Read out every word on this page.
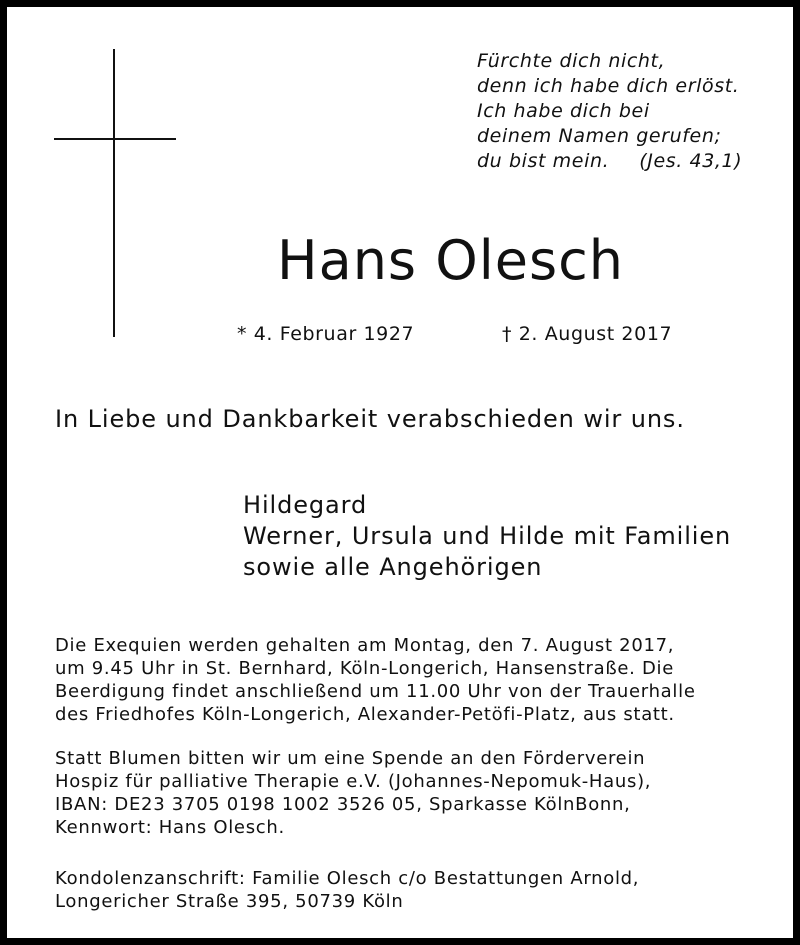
Fürchte dich nicht,
denn ich habe dich erlöst.
Ich habe dich bei
deinem Namen gerufen;
du bist mein. (Jes. 43,1)
Hans Olesch
* 4. Februar 1927	† 2. August 2017
In Liebe und Dankbarkeit verabschieden wir uns.
Hildegard
Werner, Ursula und Hilde mit Familien
sowie alle Angehörigen
Die Exequien werden gehalten am Montag, den 7. August 2017,
um 9.45 Uhr in St. Bernhard, Köln-Longerich, Hansenstraße. Die
Beerdigung findet anschließend um 11.00 Uhr von der Trauerhalle
des Friedhofes Köln-Longerich, Alexander-Petöfi-Platz, aus statt.
Statt Blumen bitten wir um eine Spende an den Förderverein
Hospiz für palliative Therapie e.V. (Johannes-Nepomuk-Haus),
IBAN: DE23 3705 0198 1002 3526 05, Sparkasse KölnBonn,
Kennwort: Hans Olesch.
Kondolenzanschrift: Familie Olesch c/o Bestattungen Arnold,
Longericher Straße 395, 50739 Köln
